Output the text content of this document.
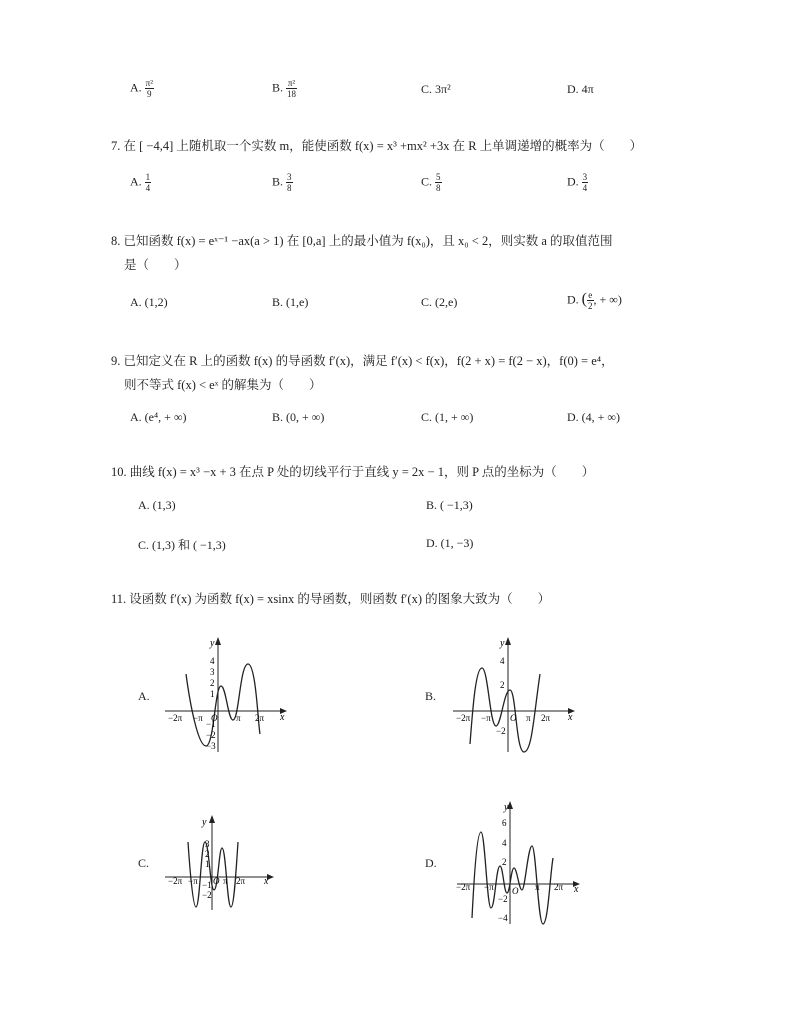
A. $\frac{\text{π²}}{9}$	B. $\frac{\text{π²}}{18}$	C. 3π²	D. 4π
7. 在 [ −4,4] 上随机取一个实数 m，能使函数 f(x) = x³ +mx² +3x 在 R 上单调递增的概率为（　　）
A. $\frac{1}{4}$	B. $\frac{3}{8}$	C. $\frac{5}{8}$	D. $\frac{3}{4}$
8. 已知函数 f(x) = eˣ⁻¹ −ax(a > 1) 在 [0,a] 上的最小值为 f(x₀)，且 x₀ < 2，则实数 a 的取值范围
是（　　）
A. (1,2)	B. (1,e)	C. (2,e)	D. ( $\frac{e}{2}$ , + ∞)
9. 已知定义在 R 上的函数 f(x) 的导函数 f′(x)，满足 f′(x) < f(x)，f(2 + x) = f(2 − x)，f(0) = e⁴，
则不等式 f(x) < eˣ 的解集为（　　）
A. (e⁴, + ∞)	B. (0, + ∞)	C. (1, + ∞)	D. (4, + ∞)
10. 曲线 f(x) = x³ −x + 3 在点 P 处的切线平行于直线 y = 2x − 1，则 P 点的坐标为（　　）
A. (1,3)	B. ( −1,3)
C. (1,3) 和 ( −1,3)	D. (1, −3)
11. 设函数 f′(x) 为函数 f(x) = xsinx 的导函数，则函数 f′(x) 的图象大致为（　　）
A.
y
x
4
3
2
1
−1
−2
−3
−2π −π O π 2π
B.
y
x
4
2
−2
−2π −π O π 2π
C.
y
x
3
2
1
−1
−2
−2π −π O π 2π
D.
y
x
6
4
2
−2
−4
−2π −π O π 2π
